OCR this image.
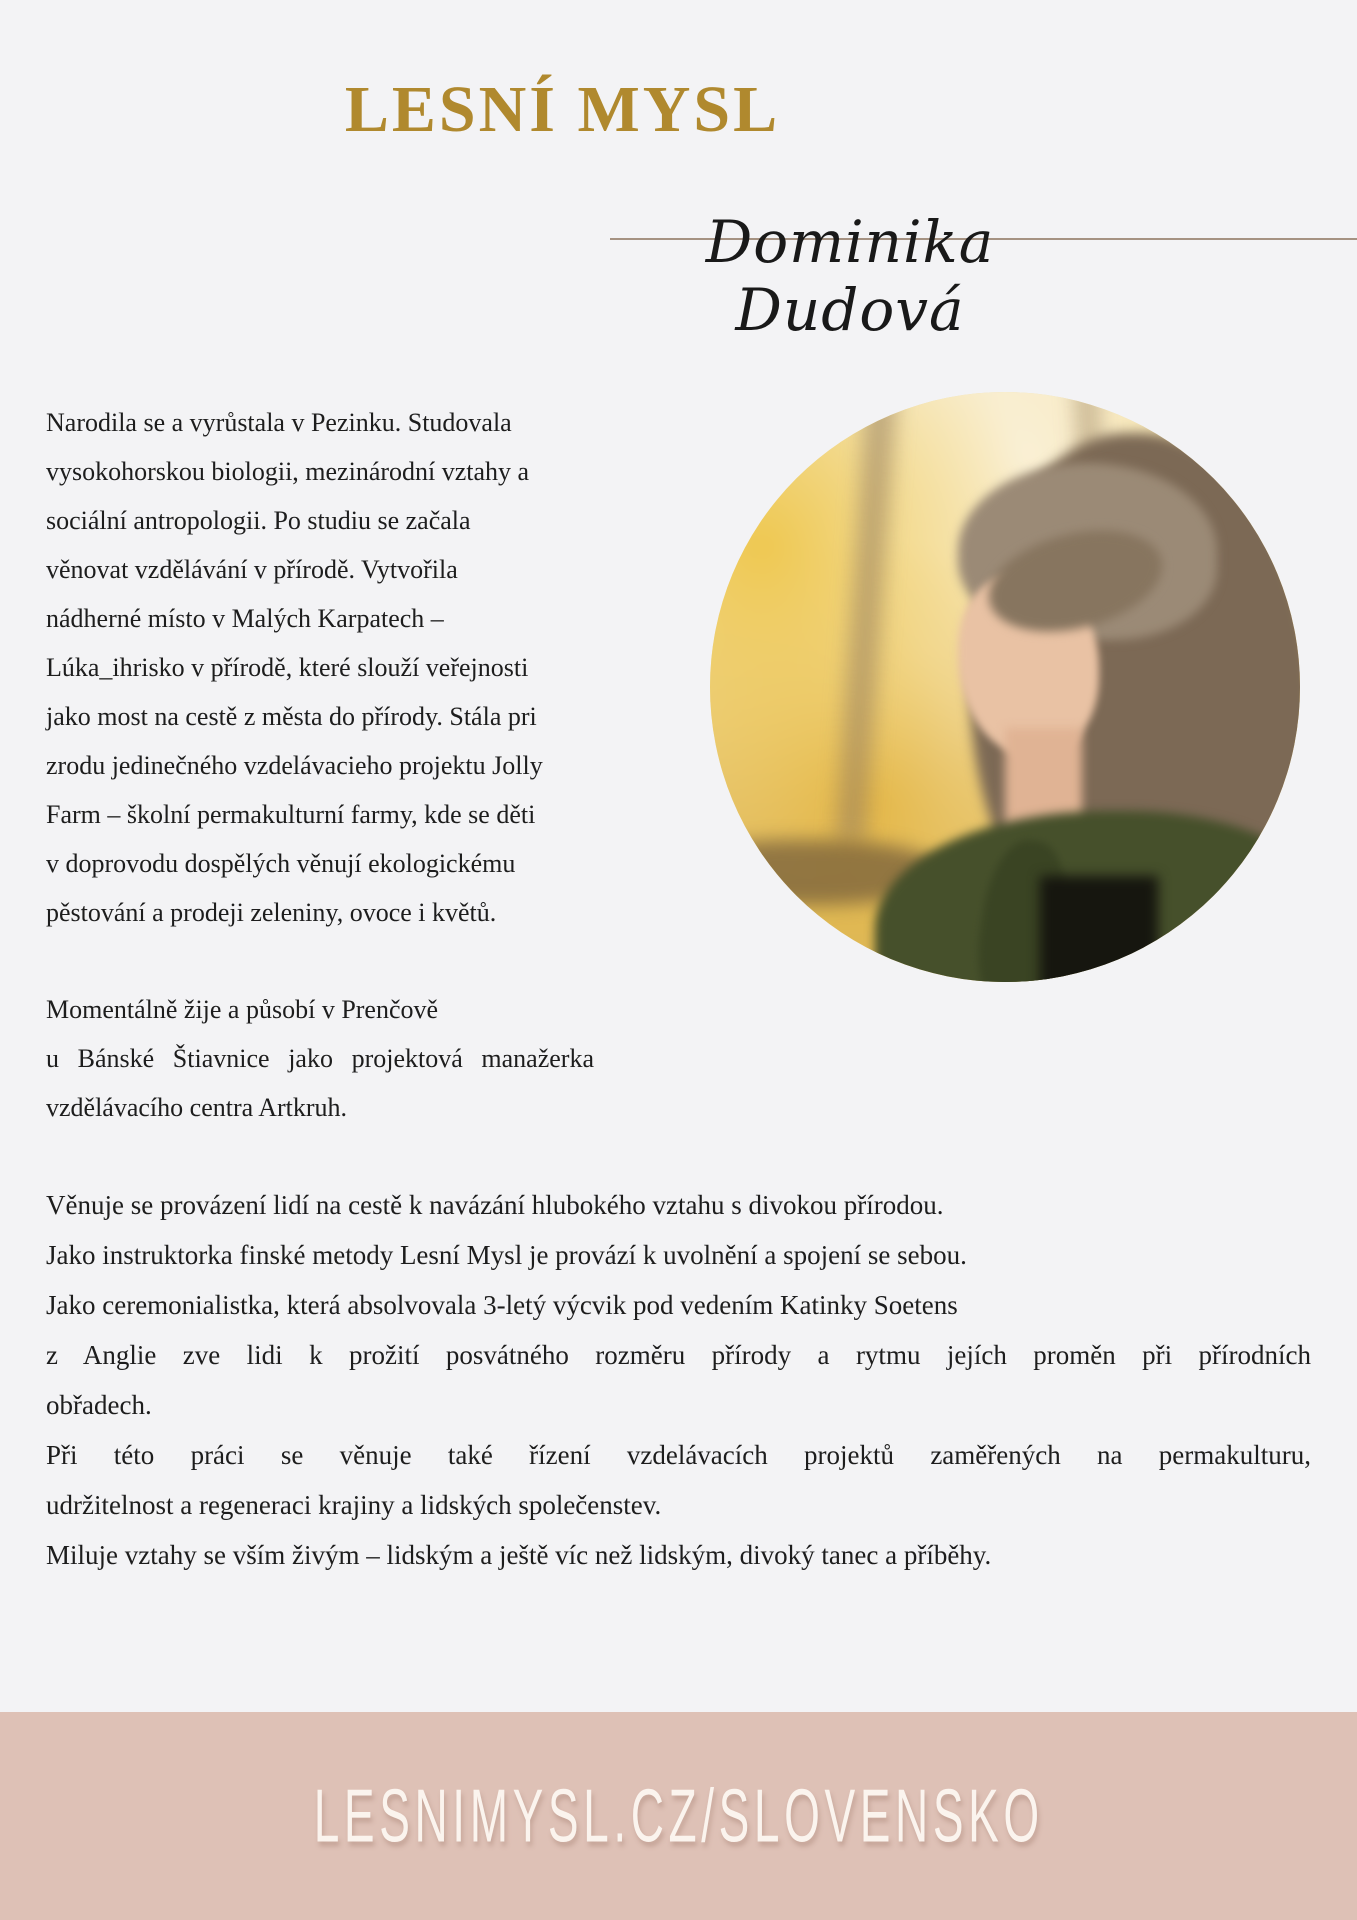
LESNÍ MYSL
Dominika Dudová
Narodila se a vyrůstala v Pezinku. Studovala
vysokohorskou biologii, mezinárodní vztahy a
sociální antropologii. Po studiu se začala
věnovat vzdělávání v přírodě. Vytvořila
nádherné místo v Malých Karpatech –
Lúka_ihrisko v přírodě, které slouží veřejnosti
jako most na cestě z města do přírody. Stála pri
zrodu jedinečného vzdelávacieho projektu Jolly
Farm – školní permakulturní farmy, kde se děti
v doprovodu dospělých věnují ekologickému
pěstování a prodeji zeleniny, ovoce i květů.
Momentálně žije a působí v Prenčově
u Bánské Štiavnice jako projektová manažerka
vzdělávacího centra Artkruh.
Věnuje se provázení lidí na cestě k navázání hlubokého vztahu s divokou přírodou.
Jako instruktorka finské metody Lesní Mysl je provází k uvolnění a spojení se sebou.
Jako ceremonialistka, která absolvovala 3-letý výcvik pod vedením Katinky Soetens
z Anglie zve lidi k prožití posvátného rozměru přírody a rytmu jejích proměn při přírodních
obřadech.
Při této práci se věnuje také řízení vzdelávacích projektů zaměřených na permakulturu,
udržitelnost a regeneraci krajiny a lidských společenstev.
Miluje vztahy se vším živým – lidským a ještě víc než lidským, divoký tanec a příběhy.
LESNIMYSL.CZ/SLOVENSKO
